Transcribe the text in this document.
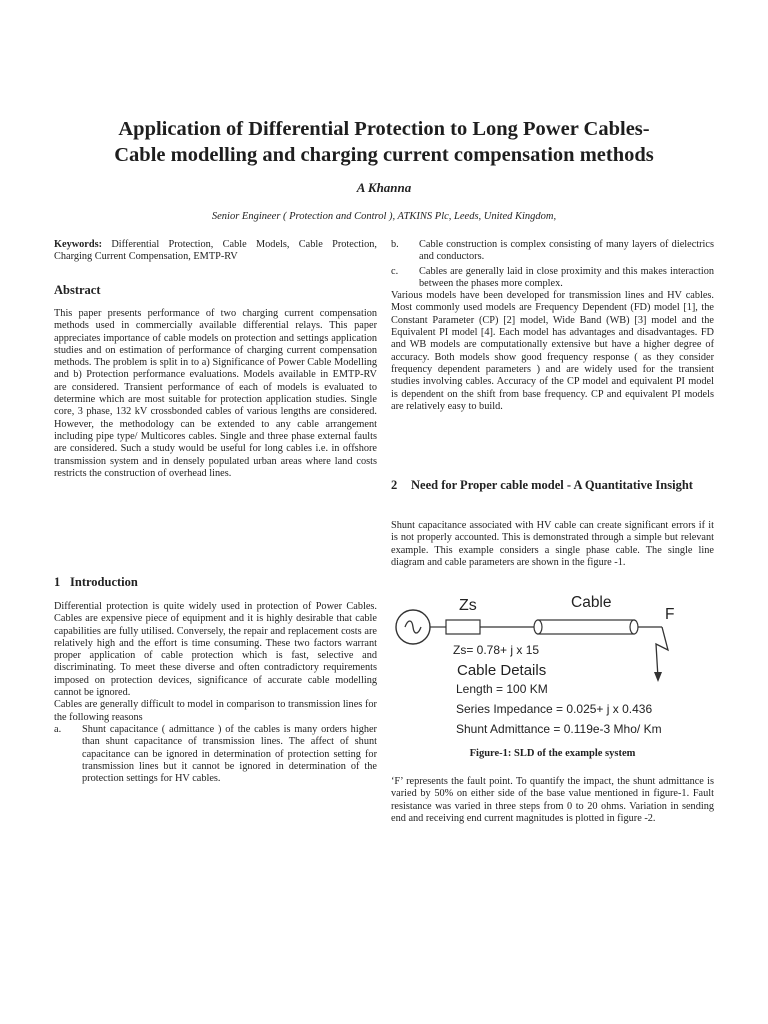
Application of Differential Protection to Long Power Cables-
Cable modelling and charging current compensation methods
A Khanna
Senior Engineer ( Protection and Control ), ATKINS Plc, Leeds, United Kingdom,

Keywords: Differential Protection, Cable Models, Cable Protection, Charging Current Compensation, EMTP-RV

Abstract

This paper presents performance of two charging current compensation methods used in commercially available differential relays. This paper appreciates importance of cable models on protection and settings application studies and on estimation of performance of charging current compensation methods. The problem is split in to a) Significance of Power Cable Modelling and b) Protection performance evaluations. Models available in EMTP-RV are considered. Transient performance of each of models is evaluated to determine which are most suitable for protection application studies. Single core, 3 phase, 132 kV crossbonded cables of various lengths are considered. However, the methodology can be extended to any cable arrangement including pipe type/ Multicores cables. Single and three phase external faults are considered. Such a study would be useful for long cables i.e. in offshore transmission system and in densely populated urban areas where land costs restricts the construction of overhead lines.

1 Introduction

Differential protection is quite widely used in protection of Power Cables. Cables are expensive piece of equipment and it is highly desirable that cable capabilities are fully utilised. Conversely, the repair and replacement costs are relatively high and the effort is time consuming. These two factors warrant proper application of cable protection which is fast, selective and discriminating. To meet these diverse and often contradictory requirements imposed on protection devices, significance of accurate cable modelling cannot be ignored.

Cables are generally difficult to model in comparison to transmission lines for the following reasons

a.	Shunt capacitance ( admittance ) of the cables is many orders higher than shunt capacitance of transmission lines. The affect of shunt capacitance can be ignored in determination of protection setting for transmission lines but it cannot be ignored in determination of the protection settings for HV cables.
b.	Cable construction is complex consisting of many layers of dielectrics and conductors.
c.	Cables are generally laid in close proximity and this makes interaction between the phases more complex.

Various models have been developed for transmission lines and HV cables. Most commonly used models are Frequency Dependent (FD) model [1], the Constant Parameter (CP) [2] model, Wide Band (WB) [3] model and the Equivalent PI model [4]. Each model has advantages and disadvantages. FD and WB models are computationally extensive but have a higher degree of accuracy. Both models show good frequency response ( as they consider frequency dependent parameters ) and are widely used for the transient studies involving cables. Accuracy of the CP model and equivalent PI model is dependent on the shift from base frequency. CP and equivalent PI models are relatively easy to build.

2	Need for Proper cable model - A Quantitative Insight

Shunt capacitance associated with HV cable can create significant errors if it is not properly accounted. This is demonstrated through a simple but relevant example. This example considers a single phase cable. The single line diagram and cable parameters are shown in the figure -1.

Zs	Cable
F
Zs= 0.78+ j x 15
Cable Details
Length = 100 KM
Series Impedance = 0.025+ j x 0.436
Shunt Admittance = 0.119e-3 Mho/ Km
Figure-1: SLD of the example system

‘F’ represents the fault point. To quantify the impact, the shunt admittance is varied by 50% on either side of the base value mentioned in figure-1. Fault resistance was varied in three steps from 0 to 20 ohms. Variation in sending end and receiving end current magnitudes is plotted in figure -2.
